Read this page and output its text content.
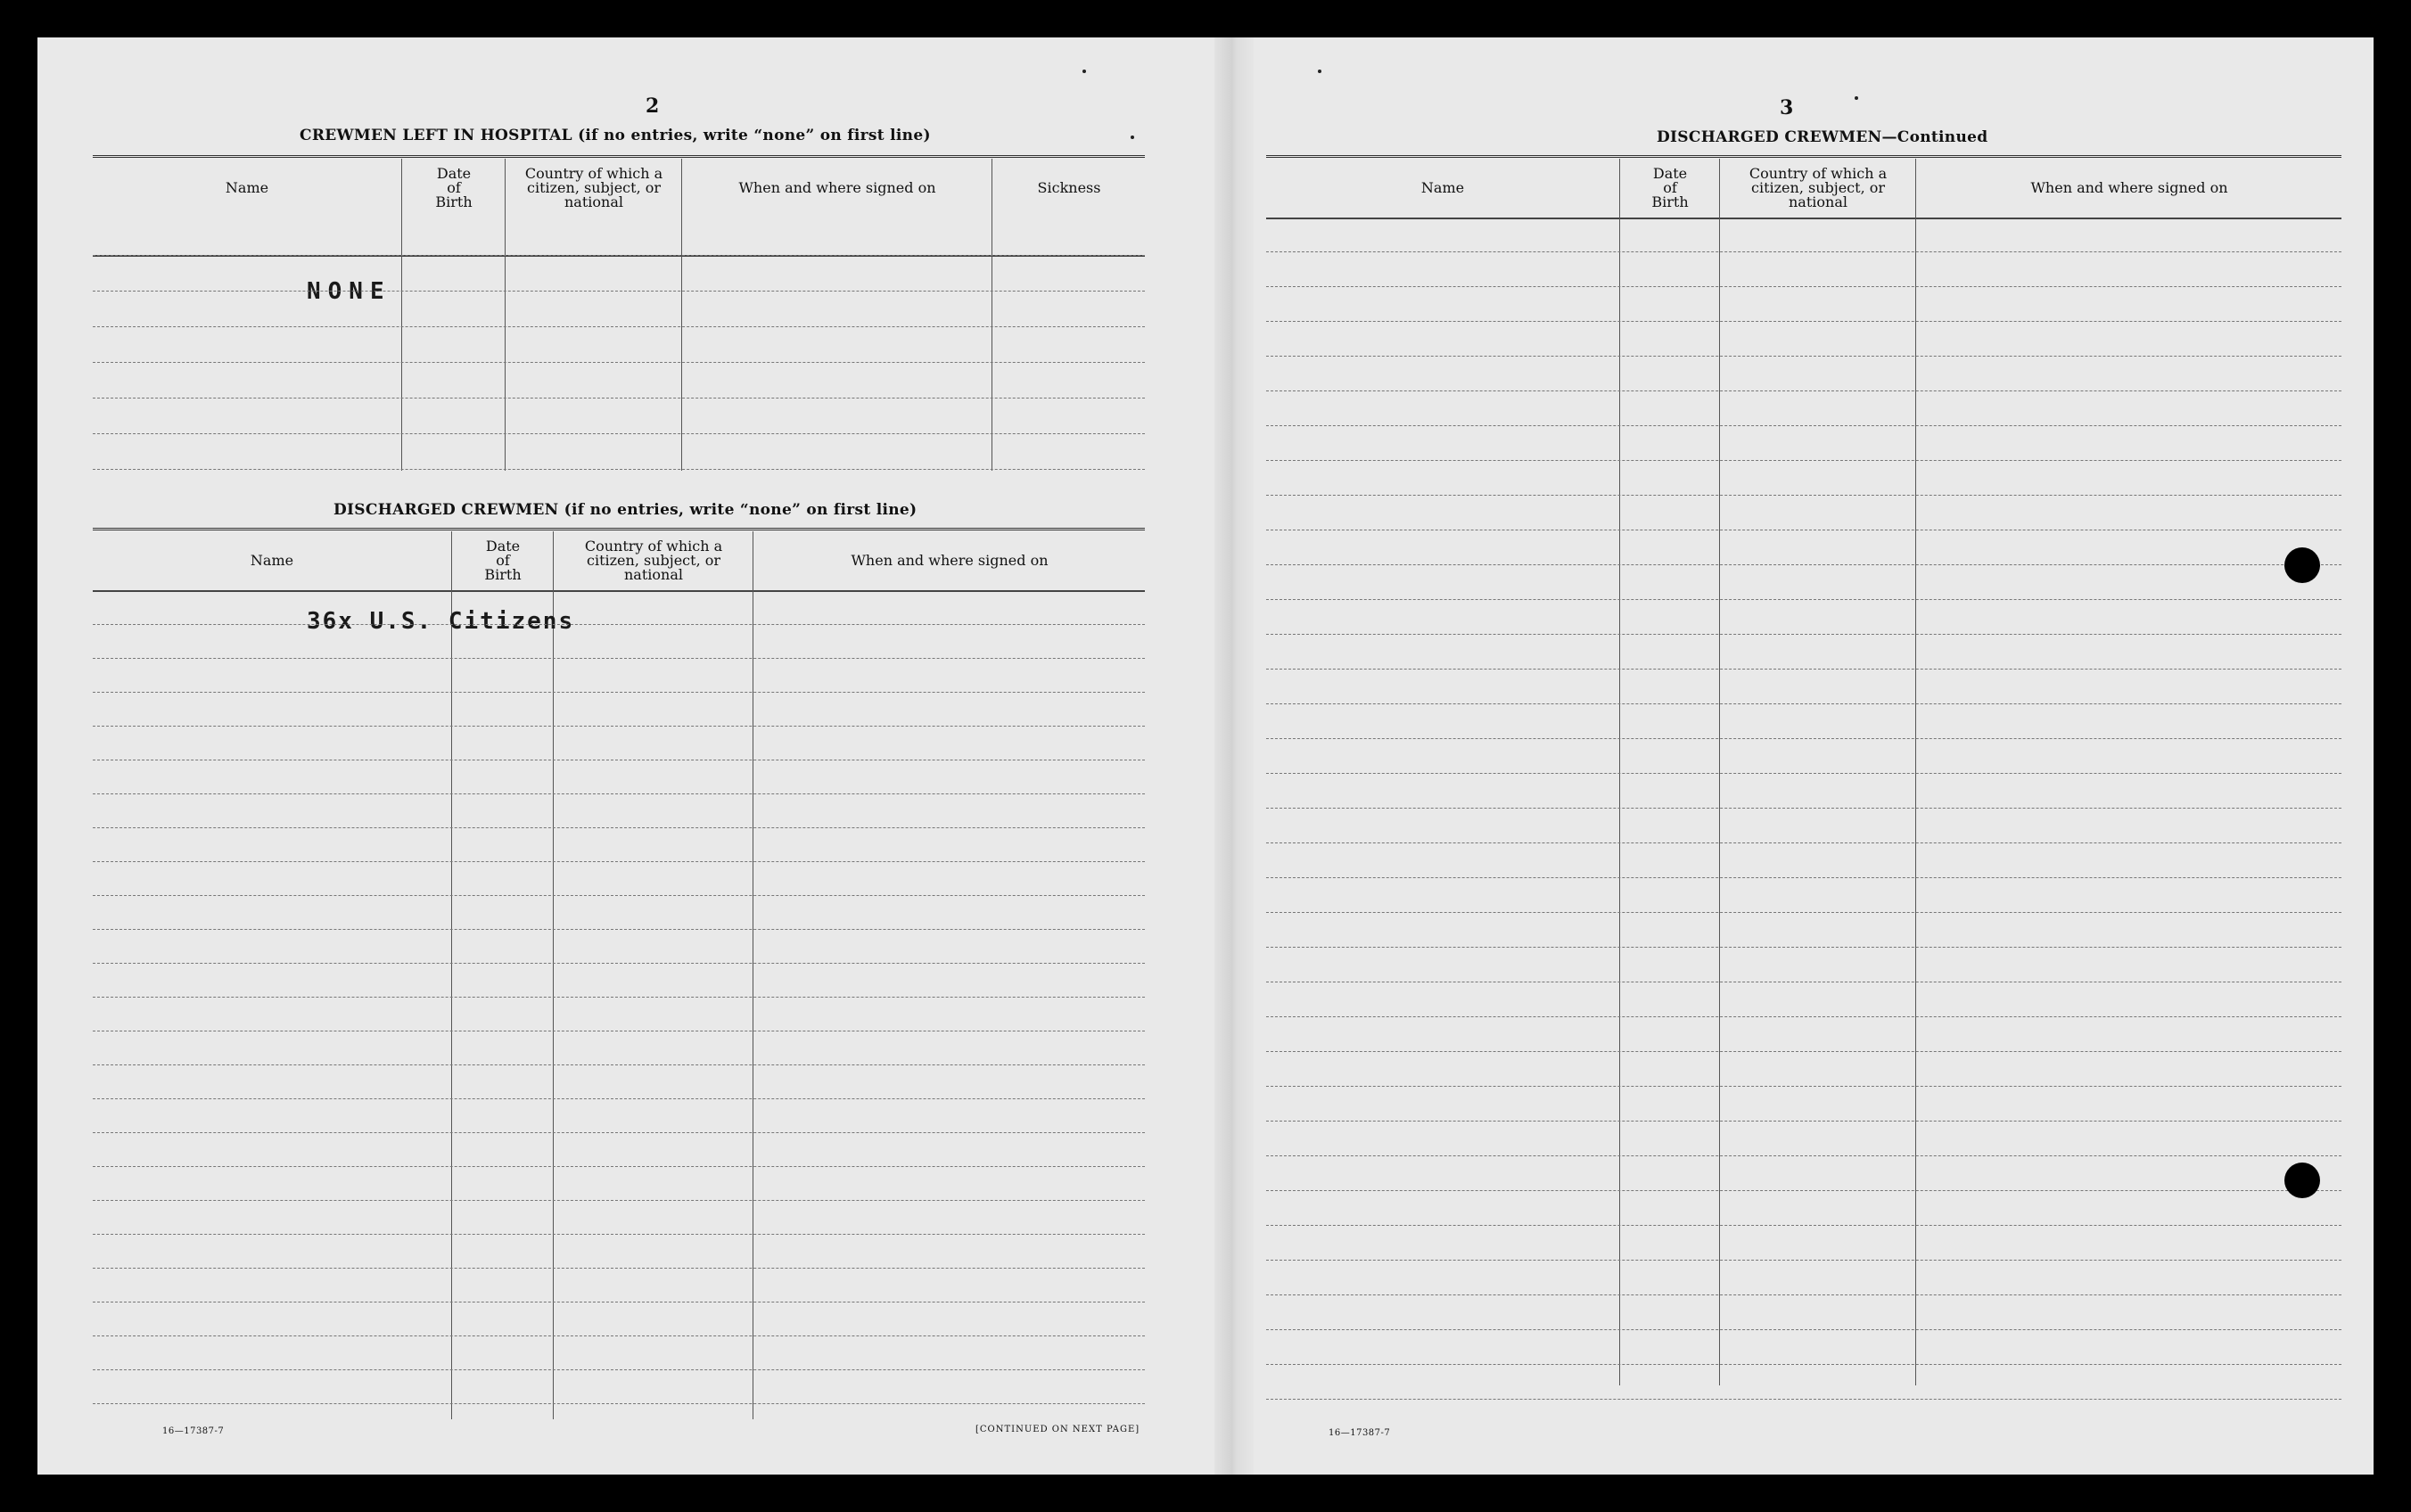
2
CREWMEN LEFT IN HOSPITAL (if no entries, write “none” on first line)
Name
Date
of
Birth
Country of which a
citizen, subject, or
national
When and where signed on	Sickness
NONE
DISCHARGED CREWMEN (if no entries, write “none” on first line)
Name
Date
of
Birth
Country of which a
citizen, subject, or
national
When and where signed on
36x U.S. Citizens
16—17387-7	[CONTINUED ON NEXT PAGE]
3
DISCHARGED CREWMEN—Continued
Name
Date
of
Birth
Country of which a
citizen, subject, or
national
When and where signed on
16—17387-7
